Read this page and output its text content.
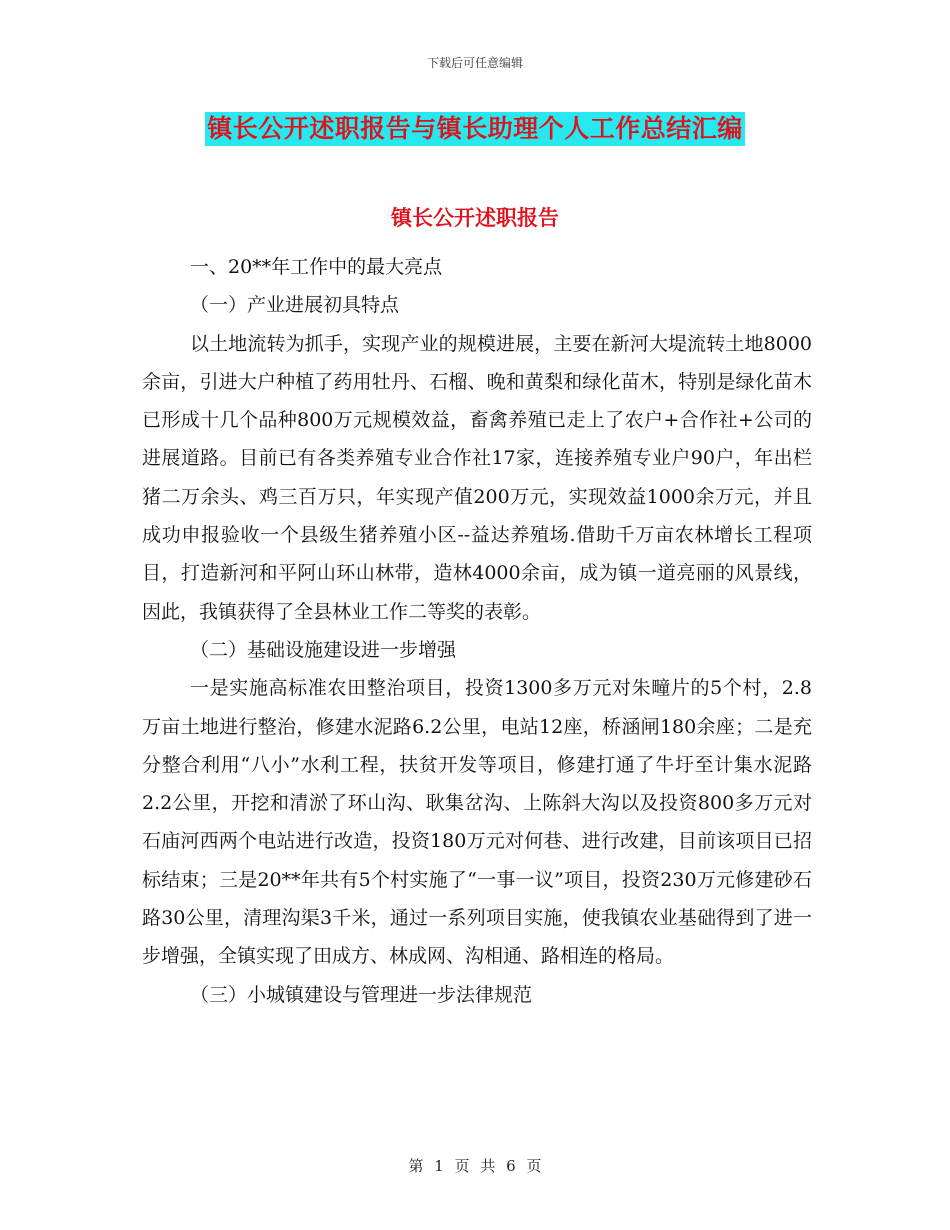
下载后可任意编辑
镇长公开述职报告与镇长助理个人工作总结汇编
镇长公开述职报告

一、20**年工作中的最大亮点

（一）产业进展初具特点

以土地流转为抓手，实现产业的规模进展，主要在新河大堤流转土地8000余亩，引进大户种植了药用牡丹、石榴、晚和黄梨和绿化苗木，特别是绿化苗木已形成十几个品种800万元规模效益，畜禽养殖已走上了农户+合作社+公司的进展道路。目前已有各类养殖专业合作社17家，连接养殖专业户90户，年出栏猪二万余头、鸡三百万只，年实现产值200万元，实现效益1000余万元，并且成功申报验收一个县级生猪养殖小区--益达养殖场.借助千万亩农林增长工程项目，打造新河和平阿山环山林带，造林4000余亩，成为镇一道亮丽的风景线，因此，我镇获得了全县林业工作二等奖的表彰。

（二）基础设施建设进一步增强

一是实施高标准农田整治项目，投资1300多万元对朱疃片的5个村，2.8万亩土地进行整治，修建水泥路6.2公里，电站12座，桥涵闸180余座；二是充分整合利用“八小”水利工程，扶贫开发等项目，修建打通了牛圩至计集水泥路2.2公里，开挖和清淤了环山沟、耿集岔沟、上陈斜大沟以及投资800多万元对石庙河西两个电站进行改造，投资180万元对何巷、进行改建，目前该项目已招标结束；三是20**年共有5个村实施了“一事一议”项目，投资230万元修建砂石路30公里，清理沟渠3千米，通过一系列项目实施，使我镇农业基础得到了进一步增强，全镇实现了田成方、林成网、沟相通、路相连的格局。

（三）小城镇建设与管理进一步法律规范

第 1 页 共 6 页
